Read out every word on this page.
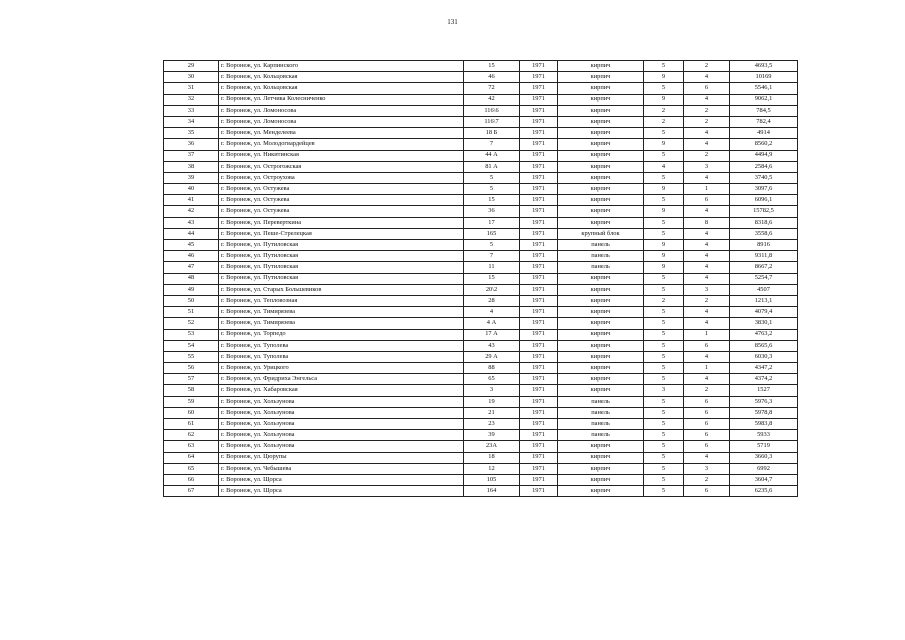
131
29	г. Воронеж, ул. Карпинского	15	1971	кирпич	5	2	4693,5
30	г. Воронеж, ул. Кольцовская	46	1971	кирпич	9	4	10169
31	г. Воронеж, ул. Кольцовская	72	1971	кирпич	5	6	5546,1
32	г. Воронеж, ул. Летчика Колесниченко	42	1971	кирпич	9	4	9062,1
33	г. Воронеж, ул. Ломоносова	116\6	1971	кирпич	2	2	784,5
34	г. Воронеж, ул. Ломоносова	116\7	1971	кирпич	2	2	782,4
35	г. Воронеж, ул. Менделеева	18 Б	1971	кирпич	5	4	4914
36	г. Воронеж, ул. Молодогвардейцев	7	1971	кирпич	9	4	8560,2
37	г. Воронеж, ул. Никитинская	44 А	1971	кирпич	5	2	4494,9
38	г. Воронеж, ул. Острогожская	81 А	1971	кирпич	4	3	2584,6
39	г. Воронеж, ул. Остроухова	5	1971	кирпич	5	4	3740,5
40	г. Воронеж, ул. Остужева	5	1971	кирпич	9	1	3097,6
41	г. Воронеж, ул. Остужева	15	1971	кирпич	5	6	6096,1
42	г. Воронеж, ул. Остужева	36	1971	кирпич	9	4	15782,5
43	г. Воронеж, ул. Переверткина	17	1971	кирпич	5	8	8318,6
44	г. Воронеж, ул. Пеше-Стрелецкая	165	1971	крупный блок	5	4	3558,6
45	г. Воронеж, ул. Путиловская	5	1971	панель	9	4	8916
46	г. Воронеж, ул. Путиловская	7	1971	панель	9	4	9311,8
47	г. Воронеж, ул. Путиловская	11	1971	панель	9	4	8667,2
48	г. Воронеж, ул. Путиловская	15	1971	кирпич	5	4	5254,7
49	г. Воронеж, ул. Старых Большевиков	20\2	1971	кирпич	5	3	4507
50	г. Воронеж, ул. Тепловозная	28	1971	кирпич	2	2	1213,1
51	г. Воронеж, ул. Тимирязева	4	1971	кирпич	5	4	4079,4
52	г. Воронеж, ул. Тимирязева	4 А	1971	кирпич	5	4	3830,1
53	г. Воронеж, ул. Торпедо	17 А	1971	кирпич	5	1	4763,2
54	г. Воронеж, ул. Туполева	43	1971	кирпич	5	6	8565,6
55	г. Воронеж, ул. Туполева	29 А	1971	кирпич	5	4	6030,3
56	г. Воронеж, ул. Урицкого	88	1971	кирпич	5	1	4347,2
57	г. Воронеж, ул. Фридриха Энгельса	65	1971	кирпич	5	4	4374,2
58	г. Воронеж, ул. Хабаровская	3	1971	кирпич	3	2	1527
59	г. Воронеж, ул. Хользунова	19	1971	панель	5	6	5976,3
60	г. Воронеж, ул. Хользунова	21	1971	панель	5	6	5978,8
61	г. Воронеж, ул. Хользунова	23	1971	панель	5	6	5983,8
62	г. Воронеж, ул. Хользунова	39	1971	панель	5	6	5933
63	г. Воронеж, ул. Хользунова	23А	1971	кирпич	5	6	5719
64	г. Воронеж, ул. Цюрупы	18	1971	кирпич	5	4	3660,3
65	г. Воронеж, ул. Чебышева	12	1971	кирпич	5	3	6992
66	г. Воронеж, ул. Щорса	105	1971	кирпич	5	2	3604,7
67	г. Воронеж, ул. Щорса	164	1971	кирпич	5	6	6235,6
